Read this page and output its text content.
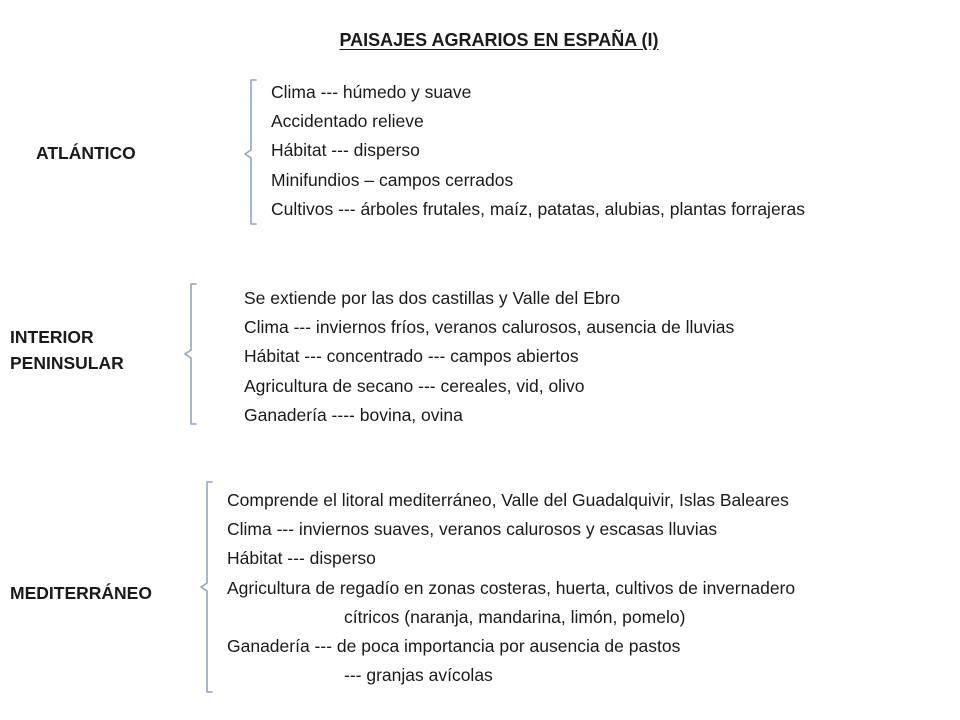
PAISAJES AGRARIOS EN ESPAÑA (I)
ATLÁNTICO
Clima --- húmedo y suave
Accidentado relieve
Hábitat --- disperso
Minifundios – campos cerrados
Cultivos --- árboles frutales, maíz, patatas, alubias, plantas forrajeras
INTERIOR
PENINSULAR
Se extiende por las dos castillas y Valle del Ebro
Clima --- inviernos fríos, veranos calurosos, ausencia de lluvias
Hábitat --- concentrado --- campos abiertos
Agricultura de secano --- cereales, vid, olivo
Ganadería ---- bovina, ovina
MEDITERRÁNEO
Comprende el litoral mediterráneo, Valle del Guadalquivir, Islas Baleares
Clima --- inviernos suaves, veranos calurosos y escasas lluvias
Hábitat --- disperso
Agricultura de regadío en zonas costeras, huerta, cultivos de invernadero
cítricos (naranja, mandarina, limón, pomelo)
Ganadería --- de poca importancia por ausencia de pastos
--- granjas avícolas
